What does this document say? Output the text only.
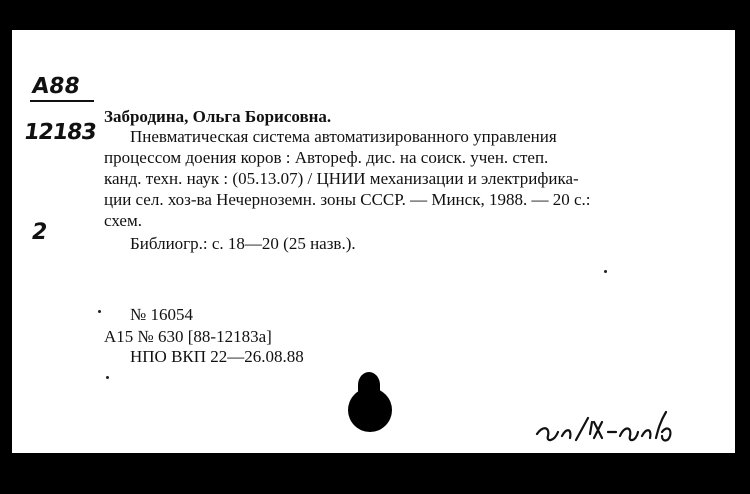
А88
12183
2
Забродина, Ольга Борисовна.
Пневматическая система автоматизированного управления
процессом доения коров : Автореф. дис. на соиск. учен. степ.
канд. техн. наук : (05.13.07) / ЦНИИ механизации и электрифика-
ции сел. хоз-ва Нечерноземн. зоны СССР. — Минск, 1988. — 20 с.:
схем.
Библиогр.: с. 18—20 (25 назв.).
№ 16054
А15 № 630 [88-12183а]
НПО ВКП 22—26.08.88
